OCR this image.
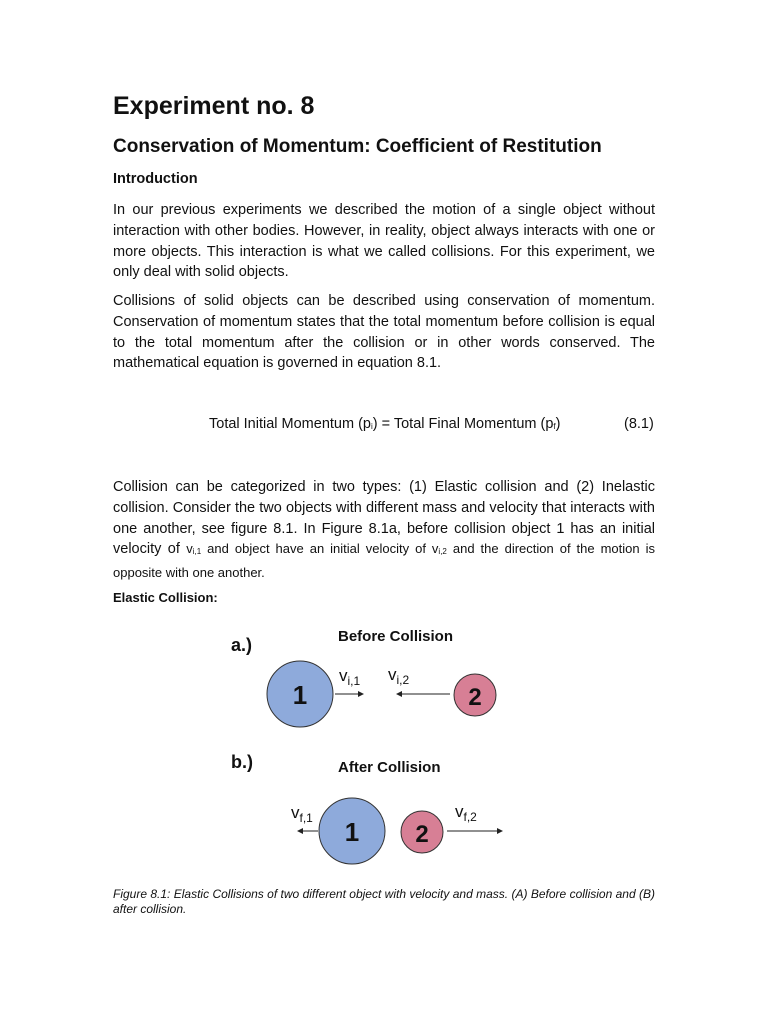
Experiment no. 8
Conservation of Momentum: Coefficient of Restitution
Introduction

In our previous experiments we described the motion of a single object without interaction with other bodies. However, in reality, object always interacts with one or more objects. This interaction is what we called collisions. For this experiment, we only deal with solid objects.

Collisions of solid objects can be described using conservation of momentum. Conservation of momentum states that the total momentum before collision is equal to the total momentum after the collision or in other words conserved. The mathematical equation is governed in equation 8.1.

Total Initial Momentum (pi) = Total Final Momentum (pf)	(8.1)

Collision can be categorized in two types: (1) Elastic collision and (2) Inelastic collision. Consider the two objects with different mass and velocity that interacts with one another, see figure 8.1. In Figure 8.1a, before collision object 1 has an initial velocity of vi,1 and object have an initial velocity of vi,2 and the direction of the motion is opposite with one another.

Elastic Collision:
a.)	Before Collision
1	2
$v_{i,1}$ $v_{i,2}$
b.)	After Collision
1 2
$v_{f,1}$	$v_{f,2}$

Figure 8.1: Elastic Collisions of two different object with velocity and mass. (A) Before collision and (B) after collision.
